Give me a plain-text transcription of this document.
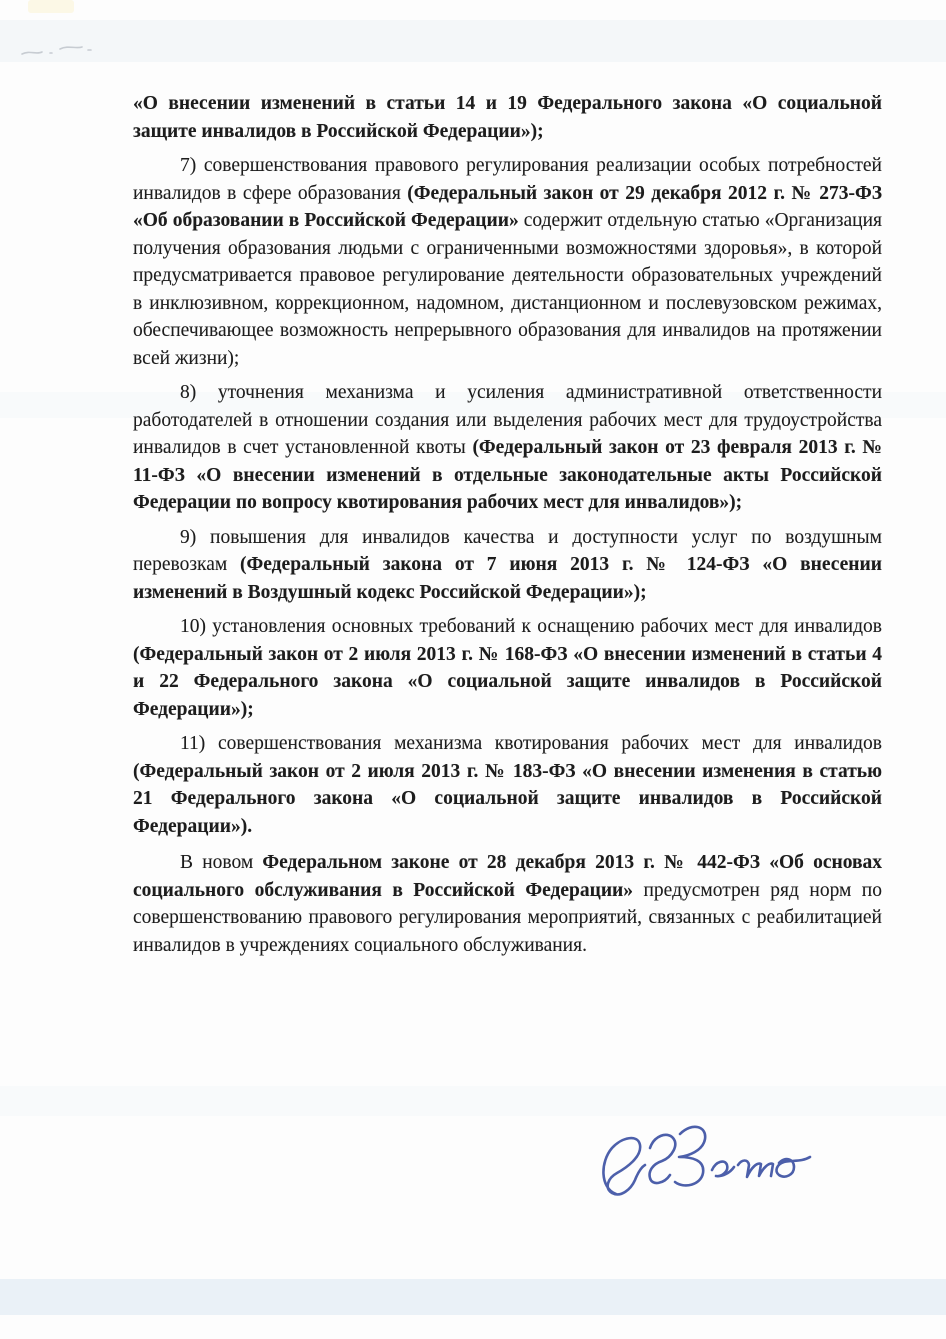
«О внесении изменений в статьи 14 и 19 Федерального закона «О социальной защите инвалидов в Российской Федерации»);

7) совершенствования правового регулирования реализации особых потребностей инвалидов в сфере образования (Федеральный закон от 29 декабря 2012 г. № 273-ФЗ «Об образовании в Российской Федерации» содержит отдельную статью «Организация получения образования людьми с ограниченными возможностями здоровья», в которой предусматривается правовое регулирование деятельности образовательных учреждений в инклюзивном, коррекционном, надомном, дистанционном и послевузовском режимах, обеспечивающее возможность непрерывного образования для инвалидов на протяжении всей жизни);

8) уточнения механизма и усиления административной ответственности работодателей в отношении создания или выделения рабочих мест для трудоустройства инвалидов в счет установленной квоты (Федеральный закон от 23 февраля 2013 г. № 11-ФЗ «О внесении изменений в отдельные законодательные акты Российской Федерации по вопросу квотирования рабочих мест для инвалидов»);

9) повышения для инвалидов качества и доступности услуг по воздушным перевозкам (Федеральный закона от 7 июня 2013 г. № 124-ФЗ «О внесении изменений в Воздушный кодекс Российской Федерации»);

10) установления основных требований к оснащению рабочих мест для инвалидов (Федеральный закон от 2 июля 2013 г. № 168-ФЗ «О внесении изменений в статьи 4 и 22 Федерального закона «О социальной защите инвалидов в Российской Федерации»);

11) совершенствования механизма квотирования рабочих мест для инвалидов (Федеральный закон от 2 июля 2013 г. № 183-ФЗ «О внесении изменения в статью 21 Федерального закона «О социальной защите инвалидов в Российской Федерации»).

В новом Федеральном законе от 28 декабря 2013 г. № 442-ФЗ «Об основах социального обслуживания в Российской Федерации» предусмотрен ряд норм по совершенствованию правового регулирования мероприятий, связанных с реабилитацией инвалидов в учреждениях социального обслуживания.
